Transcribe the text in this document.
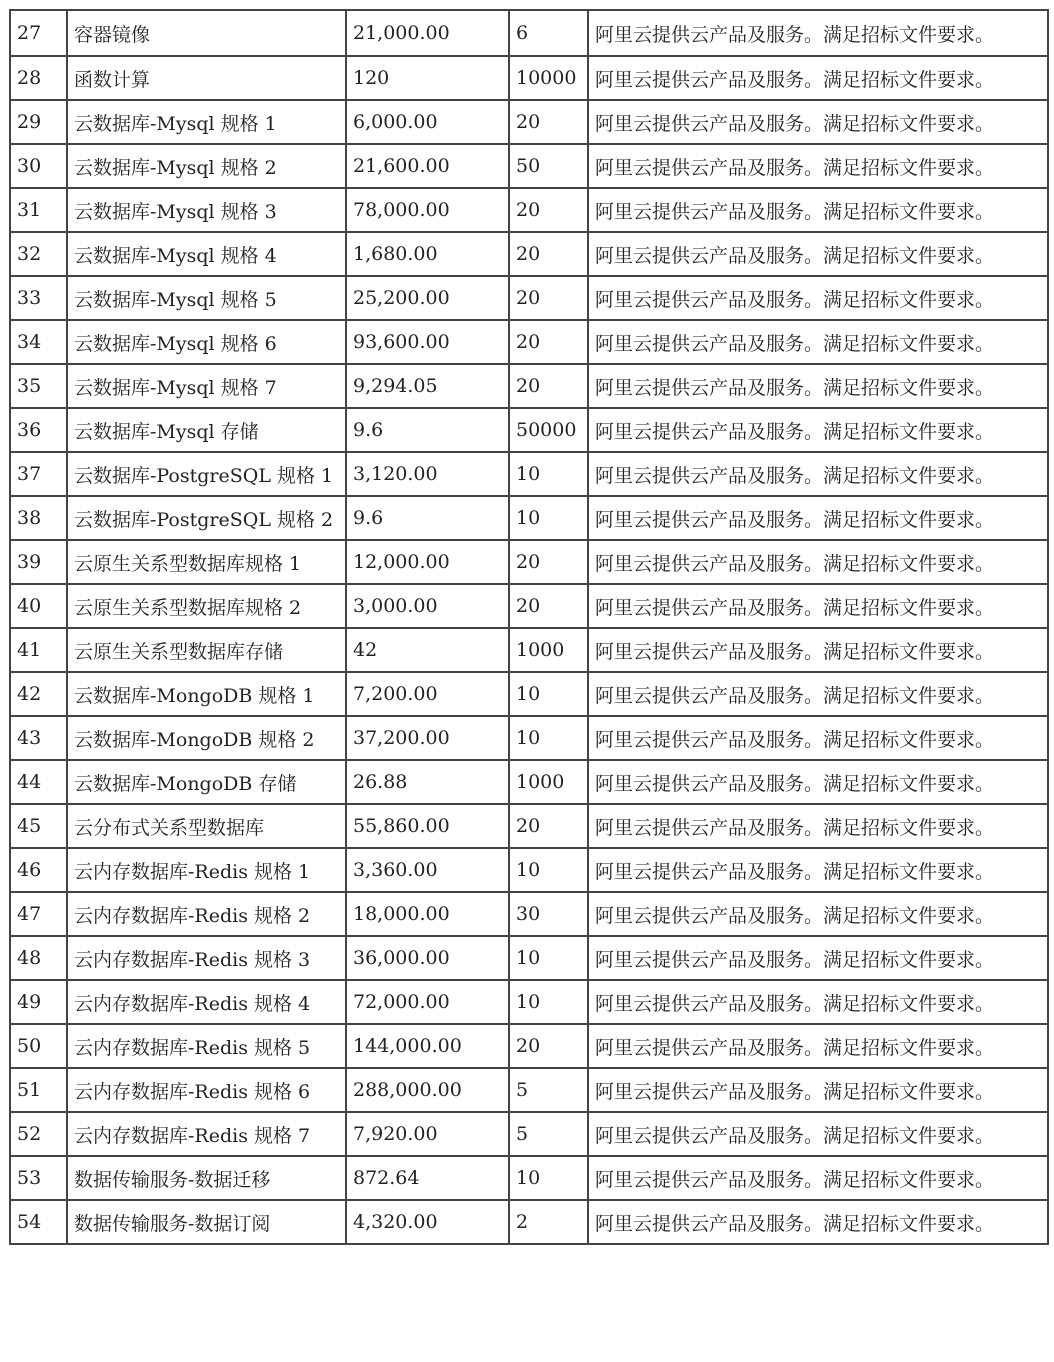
27	容器镜像	21,000.00	6	阿里云提供云产品及服务。满足招标文件要求。
28	函数计算	120	10000	阿里云提供云产品及服务。满足招标文件要求。
29	云数据库-Mysql 规格 1	6,000.00	20	阿里云提供云产品及服务。满足招标文件要求。
30	云数据库-Mysql 规格 2	21,600.00	50	阿里云提供云产品及服务。满足招标文件要求。
31	云数据库-Mysql 规格 3	78,000.00	20	阿里云提供云产品及服务。满足招标文件要求。
32	云数据库-Mysql 规格 4	1,680.00	20	阿里云提供云产品及服务。满足招标文件要求。
33	云数据库-Mysql 规格 5	25,200.00	20	阿里云提供云产品及服务。满足招标文件要求。
34	云数据库-Mysql 规格 6	93,600.00	20	阿里云提供云产品及服务。满足招标文件要求。
35	云数据库-Mysql 规格 7	9,294.05	20	阿里云提供云产品及服务。满足招标文件要求。
36	云数据库-Mysql 存储	9.6	50000	阿里云提供云产品及服务。满足招标文件要求。
37	云数据库-PostgreSQL 规格 1	3,120.00	10	阿里云提供云产品及服务。满足招标文件要求。
38	云数据库-PostgreSQL 规格 2	9.6	10	阿里云提供云产品及服务。满足招标文件要求。
39	云原生关系型数据库规格 1	12,000.00	20	阿里云提供云产品及服务。满足招标文件要求。
40	云原生关系型数据库规格 2	3,000.00	20	阿里云提供云产品及服务。满足招标文件要求。
41	云原生关系型数据库存储	42	1000	阿里云提供云产品及服务。满足招标文件要求。
42	云数据库-MongoDB 规格 1	7,200.00	10	阿里云提供云产品及服务。满足招标文件要求。
43	云数据库-MongoDB 规格 2	37,200.00	10	阿里云提供云产品及服务。满足招标文件要求。
44	云数据库-MongoDB 存储	26.88	1000	阿里云提供云产品及服务。满足招标文件要求。
45	云分布式关系型数据库	55,860.00	20	阿里云提供云产品及服务。满足招标文件要求。
46	云内存数据库-Redis 规格 1	3,360.00	10	阿里云提供云产品及服务。满足招标文件要求。
47	云内存数据库-Redis 规格 2	18,000.00	30	阿里云提供云产品及服务。满足招标文件要求。
48	云内存数据库-Redis 规格 3	36,000.00	10	阿里云提供云产品及服务。满足招标文件要求。
49	云内存数据库-Redis 规格 4	72,000.00	10	阿里云提供云产品及服务。满足招标文件要求。
50	云内存数据库-Redis 规格 5	144,000.00	20	阿里云提供云产品及服务。满足招标文件要求。
51	云内存数据库-Redis 规格 6	288,000.00	5	阿里云提供云产品及服务。满足招标文件要求。
52	云内存数据库-Redis 规格 7	7,920.00	5	阿里云提供云产品及服务。满足招标文件要求。
53	数据传输服务-数据迁移	872.64	10	阿里云提供云产品及服务。满足招标文件要求。
54	数据传输服务-数据订阅	4,320.00	2	阿里云提供云产品及服务。满足招标文件要求。
